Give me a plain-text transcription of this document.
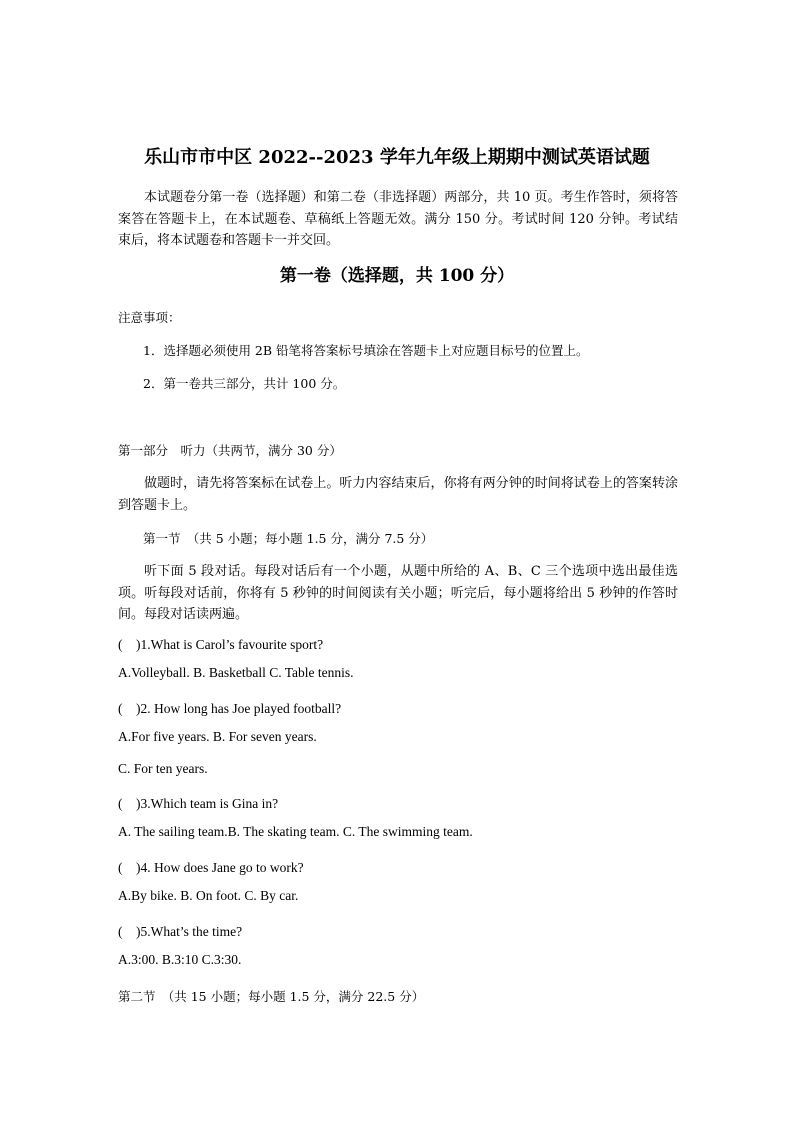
乐山市市中区 2022--2023 学年九年级上期期中测试英语试题
本试题卷分第一卷（选择题）和第二卷（非选择题）两部分，共 10 页。考生作答时，须将答案答在答题卡上，在本试题卷、草稿纸上答题无效。满分 150 分。考试时间 120 分钟。考试结束后，将本试题卷和答题卡一并交回。
第一卷（选择题，共 100 分）
注意事项：
1．选择题必须使用 2B 铅笔将答案标号填涂在答题卡上对应题目标号的位置上。
2．第一卷共三部分，共计 100 分。
第一部分　听力（共两节，满分 30 分）
做题时，请先将答案标在试卷上。听力内容结束后，你将有两分钟的时间将试卷上的答案转涂到答题卡上。
第一节　（共 5 小题；每小题 1.5 分，满分 7.5 分）
听下面 5 段对话。每段对话后有一个小题，从题中所给的 A、B、C 三个选项中选出最佳选项。听每段对话前，你将有 5 秒钟的时间阅读有关小题；听完后，每小题将给出 5 秒钟的作答时间。每段对话读两遍。
(　)1.What is Carol’s favourite sport?
A.Volleyball. B. Basketball C. Table tennis.
(　)2. How long has Joe played football?
A.For five years. B. For seven years.
C. For ten years.
(　)3.Which team is Gina in?
A. The sailing team.B. The skating team. C. The swimming team.
(　)4. How does Jane go to work?
A.By bike. B. On foot. C. By car.
(　)5.What’s the time?
A.3:00. B.3:10 C.3:30.
第二节　（共 15 小题；每小题 1.5 分，满分 22.5 分）
